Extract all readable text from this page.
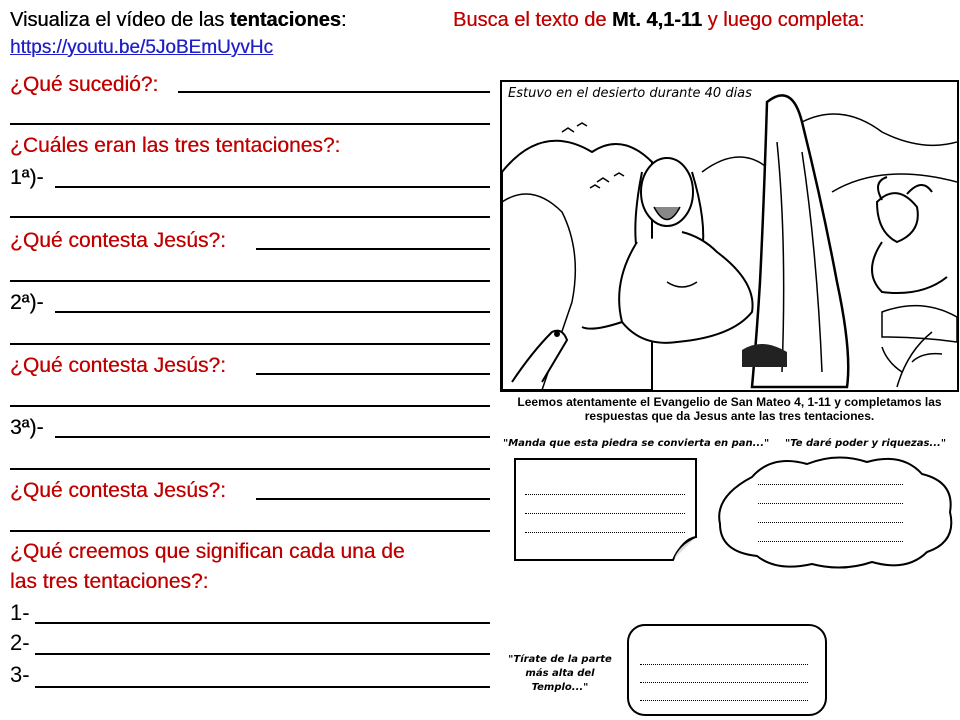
Visualiza el vídeo de las tentaciones:	Busca el texto de Mt. 4,1-11 y luego completa:
https://youtu.be/5JoBEmUyvHc
¿Qué sucedió?:
¿Cuáles eran las tres tentaciones?:
1ª)-
¿Qué contesta Jesús?:
2ª)-
¿Qué contesta Jesús?:
3ª)-
¿Qué contesta Jesús?:
¿Qué creemos que significan cada una de
las tres tentaciones?:
1-
2-
3-
Estuvo en el desierto durante 40 dias
Leemos atentamente el Evangelio de San Mateo 4, 1-11 y completamos las
respuestas que da Jesus ante las tres tentaciones.
"Manda que esta piedra se convierta en pan..." "Te daré poder y riquezas..."
"Tírate de la parte
más alta del
Templo..."
